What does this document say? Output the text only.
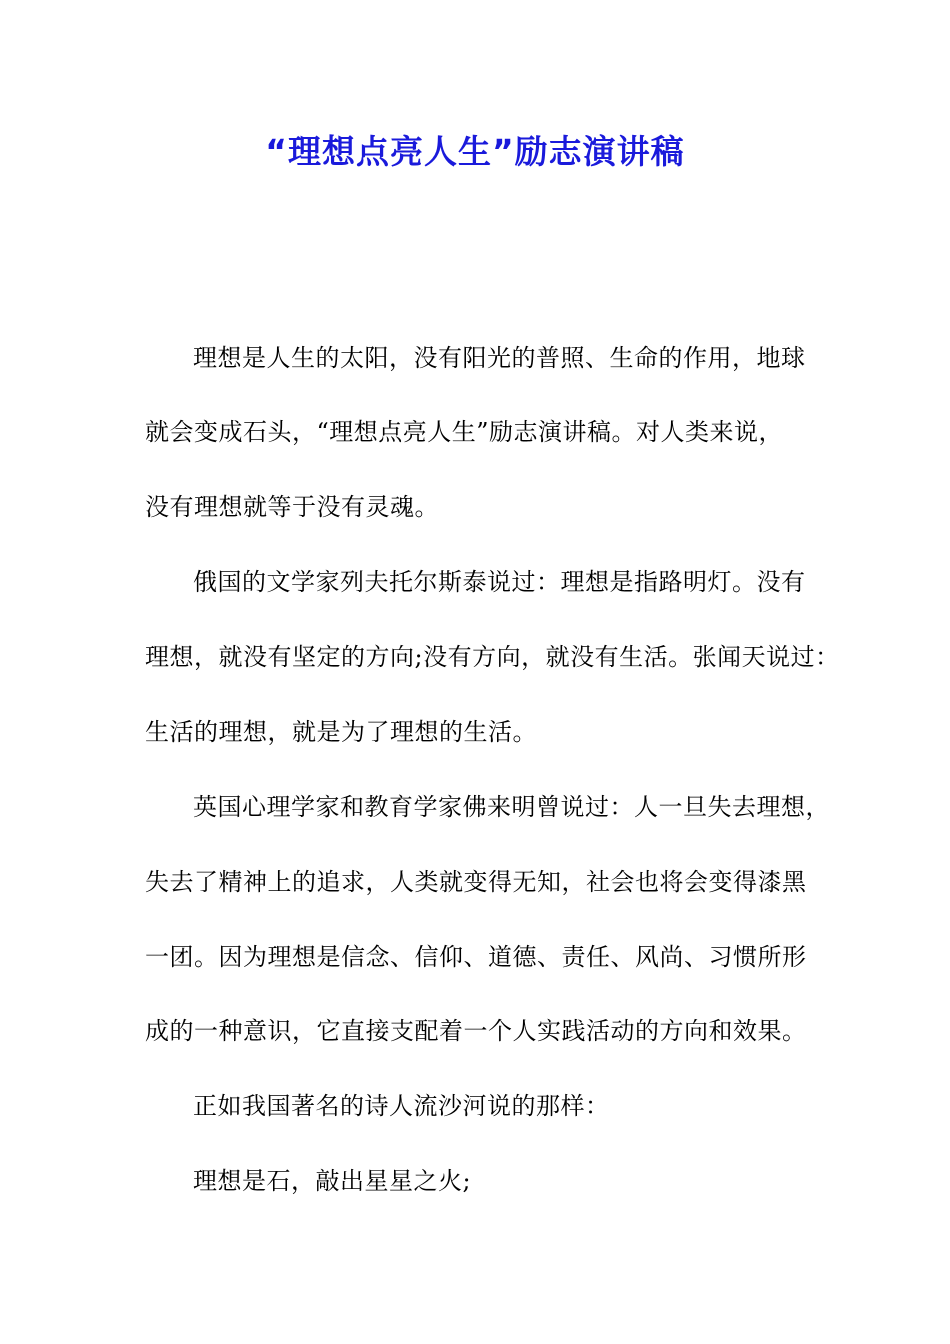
“理想点亮人生”励志演讲稿
理想是人生的太阳，没有阳光的普照、生命的作用，地球
就会变成石头，“理想点亮人生”励志演讲稿。对人类来说，
没有理想就等于没有灵魂。
俄国的文学家列夫托尔斯泰说过：理想是指路明灯。没有
理想，就没有坚定的方向;没有方向，就没有生活。张闻天说过：
生活的理想，就是为了理想的生活。
英国心理学家和教育学家佛来明曾说过：人一旦失去理想，
失去了精神上的追求，人类就变得无知，社会也将会变得漆黑
一团。因为理想是信念、信仰、道德、责任、风尚、习惯所形
成的一种意识，它直接支配着一个人实践活动的方向和效果。
正如我国著名的诗人流沙河说的那样：
理想是石，敲出星星之火;
